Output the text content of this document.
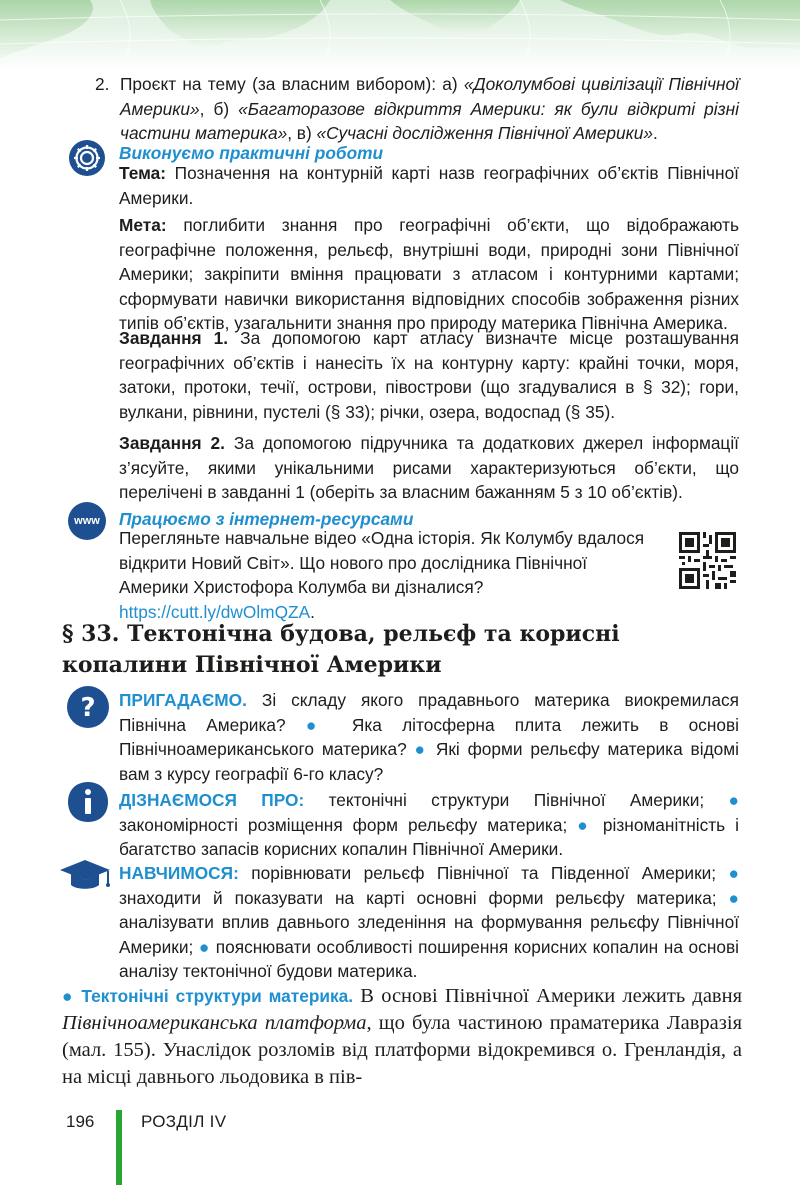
2. Проєкт на тему (за власним вибором): а) «Доколумбові цивілізації Північної Америки», б) «Багаторазове відкриття Америки: як були відкриті різні частини материка», в) «Сучасні дослідження Північної Америки».

Виконуємо практичні роботи

Тема: Позначення на контурній карті назв географічних об’єктів Північної Америки.

Мета: поглибити знання про географічні об’єкти, що відображають географічне положення, рельєф, внутрішні води, природні зони Північної Америки; закріпити вміння працювати з атласом і контурними картами; сформувати навички використання відповідних способів зображення різних типів об’єктів, узагальнити знання про природу материка Північна Америка.

Завдання 1. За допомогою карт атласу визначте місце розташування географічних об’єктів і нанесіть їх на контурну карту: крайні точки, моря, затоки, протоки, течії, острови, півострови (що згадувалися в § 32); гори, вулкани, рівнини, пустелі (§ 33); річки, озера, водоспад (§ 35).

Завдання 2. За допомогою підручника та додаткових джерел інформації з’ясуйте, якими унікальними рисами характеризуються об’єкти, що перелічені в завданні 1 (оберіть за власним бажанням 5 з 10 об’єктів).

www	Працюємо з інтернет-ресурсами

Перегляньте навчальне відео «Одна історія. Як Колумбу вдалося відкрити Новий Світ». Що нового про дослідника Північної Америки Христофора Колумба ви дізналися? https://cutt.ly/dwOlmQZA.

§ 33. Тектонічна будова, рельєф та корисні копалини Північної Америки
? ПРИГАДАЄМО. Зі складу якого прадавнього материка виокремилася Північна Америка? ● Яка літосферна плита лежить в основі Північноамериканського материка? ● Які форми рельєфу материка відомі вам з курсу географії 6-го класу?

ДІЗНАЄМОСЯ ПРО: тектонічні структури Північної Америки; ● закономірності розміщення форм рельєфу материка; ● різноманітність і багатство запасів корисних копалин Північної Америки.

НАВЧИМОСЯ: порівнювати рельєф Північної та Південної Америки; ● знаходити й показувати на карті основні форми рельєфу материка; ● аналізувати вплив давнього зледеніння на формування рельєфу Північної Америки; ● пояснювати особливості поширення корисних копалин на основі аналізу тектонічної будови материка.

● Тектонічні структури материка. В основі Північної Америки лежить давня Північноамериканська платформа, що була частиною праматерика Лавразія (мал. 155). Унаслідок розломів від платформи відокремився о. Гренландія, а на місці давнього льодовика в пів-

196	РОЗДІЛ IV
